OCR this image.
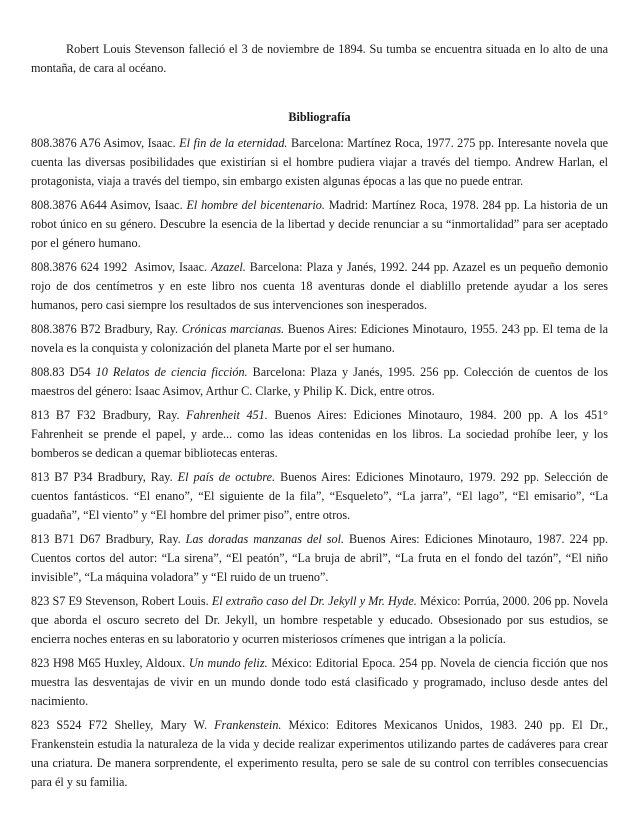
Robert Louis Stevenson falleció el 3 de noviembre de 1894. Su tumba se encuentra situada en lo alto de una montaña, de cara al océano.

Bibliografía

808.3876 A76 Asimov, Isaac. El fin de la eternidad. Barcelona: Martínez Roca, 1977. 275 pp. Interesante novela que cuenta las diversas posibilidades que existirían si el hombre pudiera viajar a través del tiempo. Andrew Harlan, el protagonista, viaja a través del tiempo, sin embargo existen algunas épocas a las que no puede entrar.

808.3876 A644 Asimov, Isaac. El hombre del bicentenario. Madrid: Martínez Roca, 1978. 284 pp. La historia de un robot único en su género. Descubre la esencia de la libertad y decide renunciar a su “inmortalidad” para ser aceptado por el género humano.

808.3876 624 1992 Asimov, Isaac. Azazel. Barcelona: Plaza y Janés, 1992. 244 pp. Azazel es un pequeño demonio rojo de dos centímetros y en este libro nos cuenta 18 aventuras donde el diablillo pretende ayudar a los seres humanos, pero casi siempre los resultados de sus intervenciones son inesperados.

808.3876 B72 Bradbury, Ray. Crónicas marcianas. Buenos Aires: Ediciones Minotauro, 1955. 243 pp. El tema de la novela es la conquista y colonización del planeta Marte por el ser humano.

808.83 D54 10 Relatos de ciencia ficción. Barcelona: Plaza y Janés, 1995. 256 pp. Colección de cuentos de los maestros del género: Isaac Asimov, Arthur C. Clarke, y Philip K. Dick, entre otros.

813 B7 F32 Bradbury, Ray. Fahrenheit 451. Buenos Aires: Ediciones Minotauro, 1984. 200 pp. A los 451° Fahrenheit se prende el papel, y arde... como las ideas contenidas en los libros. La sociedad prohíbe leer, y los bomberos se dedican a quemar bibliotecas enteras.

813 B7 P34 Bradbury, Ray. El país de octubre. Buenos Aires: Ediciones Minotauro, 1979. 292 pp. Selección de cuentos fantásticos. “El enano”, “El siguiente de la fila”, “Esqueleto”, “La jarra”, “El lago”, “El emisario”, “La guadaña”, “El viento” y “El hombre del primer piso”, entre otros.

813 B71 D67 Bradbury, Ray. Las doradas manzanas del sol. Buenos Aires: Ediciones Minotauro, 1987. 224 pp. Cuentos cortos del autor: “La sirena”, “El peatón”, “La bruja de abril”, “La fruta en el fondo del tazón”, “El niño invisible”, “La máquina voladora” y “El ruido de un trueno”.

823 S7 E9 Stevenson, Robert Louis. El extraño caso del Dr. Jekyll y Mr. Hyde. México: Porrúa, 2000. 206 pp. Novela que aborda el oscuro secreto del Dr. Jekyll, un hombre respetable y educado. Obsesionado por sus estudios, se encierra noches enteras en su laboratorio y ocurren misteriosos crímenes que intrigan a la policía.

823 H98 M65 Huxley, Aldoux. Un mundo feliz. México: Editorial Epoca. 254 pp. Novela de ciencia ficción que nos muestra las desventajas de vivir en un mundo donde todo está clasificado y programado, incluso desde antes del nacimiento.

823 S524 F72 Shelley, Mary W. Frankenstein. México: Editores Mexicanos Unidos, 1983. 240 pp. El Dr., Frankenstein estudia la naturaleza de la vida y decide realizar experimentos utilizando partes de cadáveres para crear una criatura. De manera sorprendente, el experimento resulta, pero se sale de su control con terribles consecuencias para él y su familia.
